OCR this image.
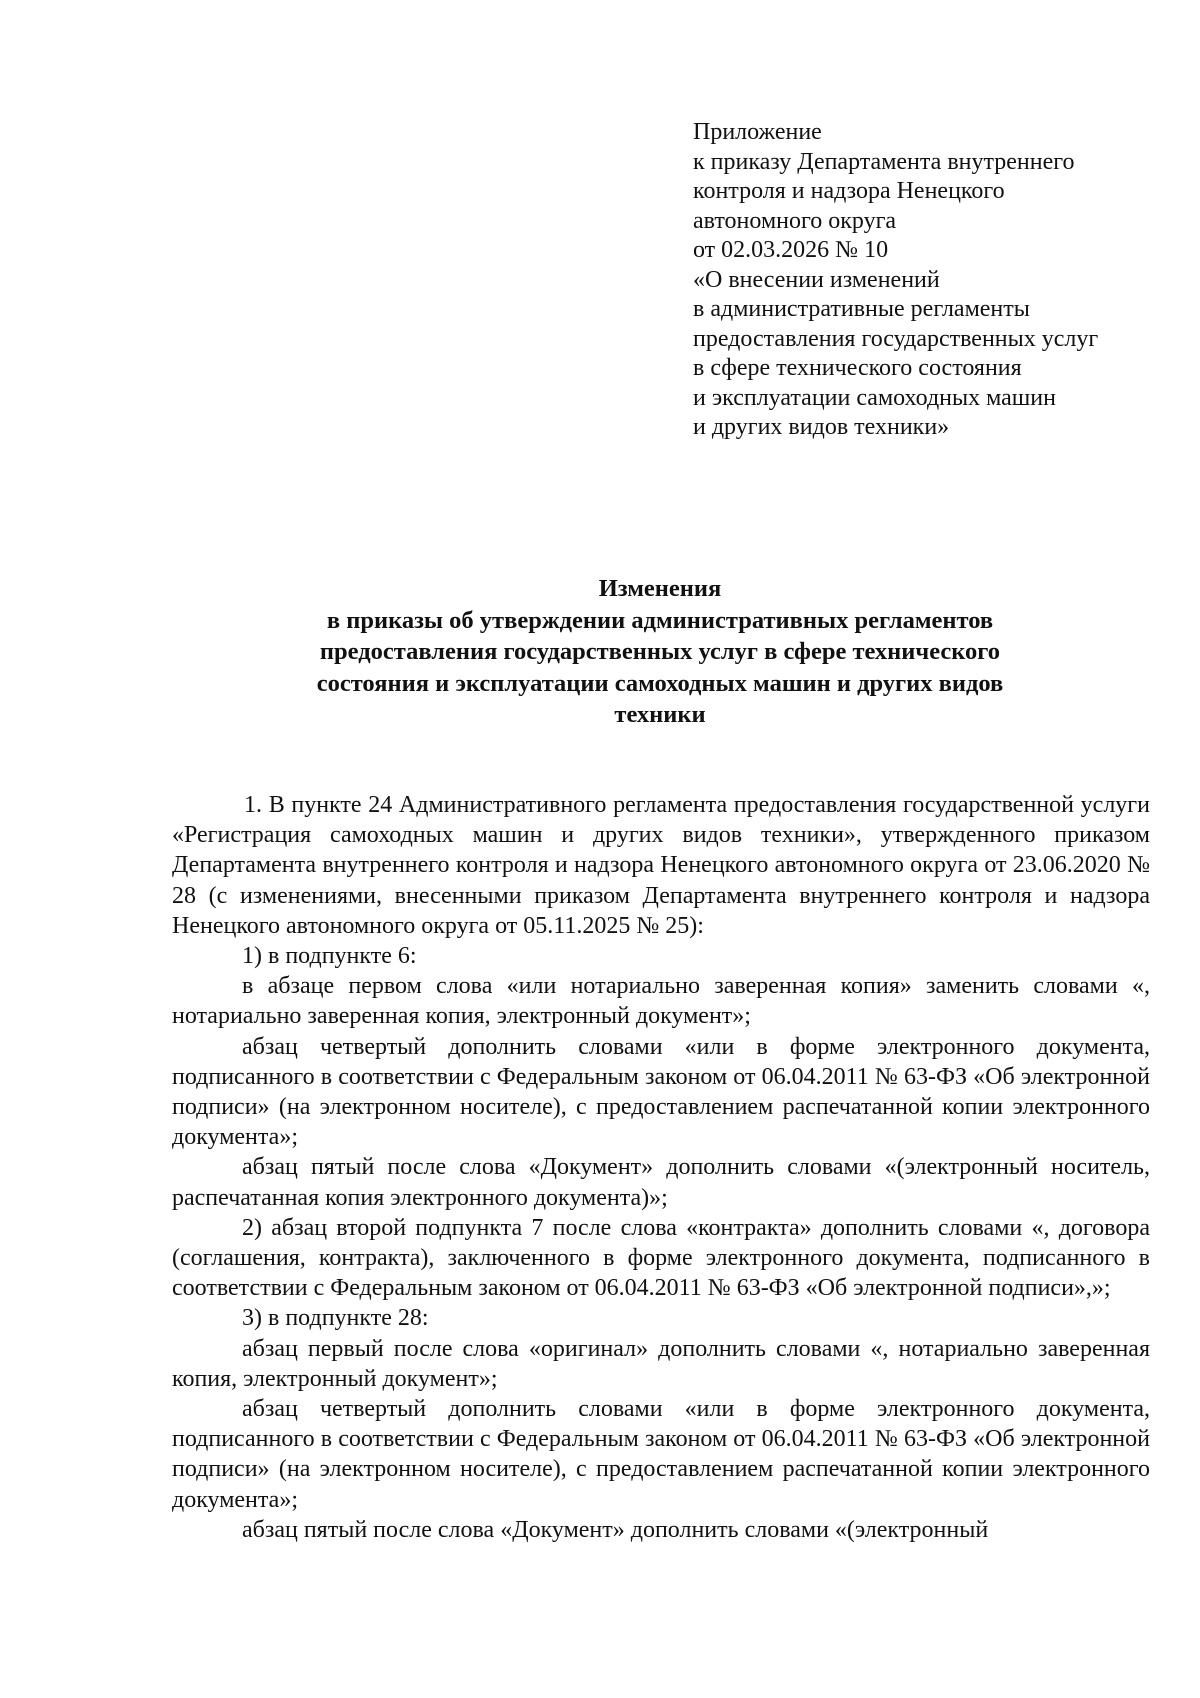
Приложение
к приказу Департамента внутреннего
контроля и надзора Ненецкого
автономного округа
от 02.03.2026 № 10
«О внесении изменений
в административные регламенты
предоставления государственных услуг
в сфере технического состояния
и эксплуатации самоходных машин
и других видов техники»
Изменения
в приказы об утверждении административных регламентов
предоставления государственных услуг в сфере технического
состояния и эксплуатации самоходных машин и других видов
техники

1. В пункте 24 Административного регламента предоставления государственной услуги «Регистрация самоходных машин и других видов техники», утвержденного приказом Департамента внутреннего контроля и надзора Ненецкого автономного округа от 23.06.2020 № 28 (с изменениями, внесенными приказом Департамента внутреннего контроля и надзора Ненецкого автономного округа от 05.11.2025 № 25):

1) в подпункте 6:

в абзаце первом слова «или нотариально заверенная копия» заменить словами «, нотариально заверенная копия, электронный документ»;

абзац четвертый дополнить словами «или в форме электронного документа, подписанного в соответствии с Федеральным законом от 06.04.2011 № 63-ФЗ «Об электронной подписи» (на электронном носителе), с предоставлением распечатанной копии электронного документа»;

абзац пятый после слова «Документ» дополнить словами «(электронный носитель, распечатанная копия электронного документа)»;

2) абзац второй подпункта 7 после слова «контракта» дополнить словами «, договора (соглашения, контракта), заключенного в форме электронного документа, подписанного в соответствии с Федеральным законом от 06.04.2011 № 63-ФЗ «Об электронной подписи»,»;

3) в подпункте 28:

абзац первый после слова «оригинал» дополнить словами «, нотариально заверенная копия, электронный документ»;

абзац четвертый дополнить словами «или в форме электронного документа, подписанного в соответствии с Федеральным законом от 06.04.2011 № 63-ФЗ «Об электронной подписи» (на электронном носителе), с предоставлением распечатанной копии электронного документа»;

абзац пятый после слова «Документ» дополнить словами «(электронный
